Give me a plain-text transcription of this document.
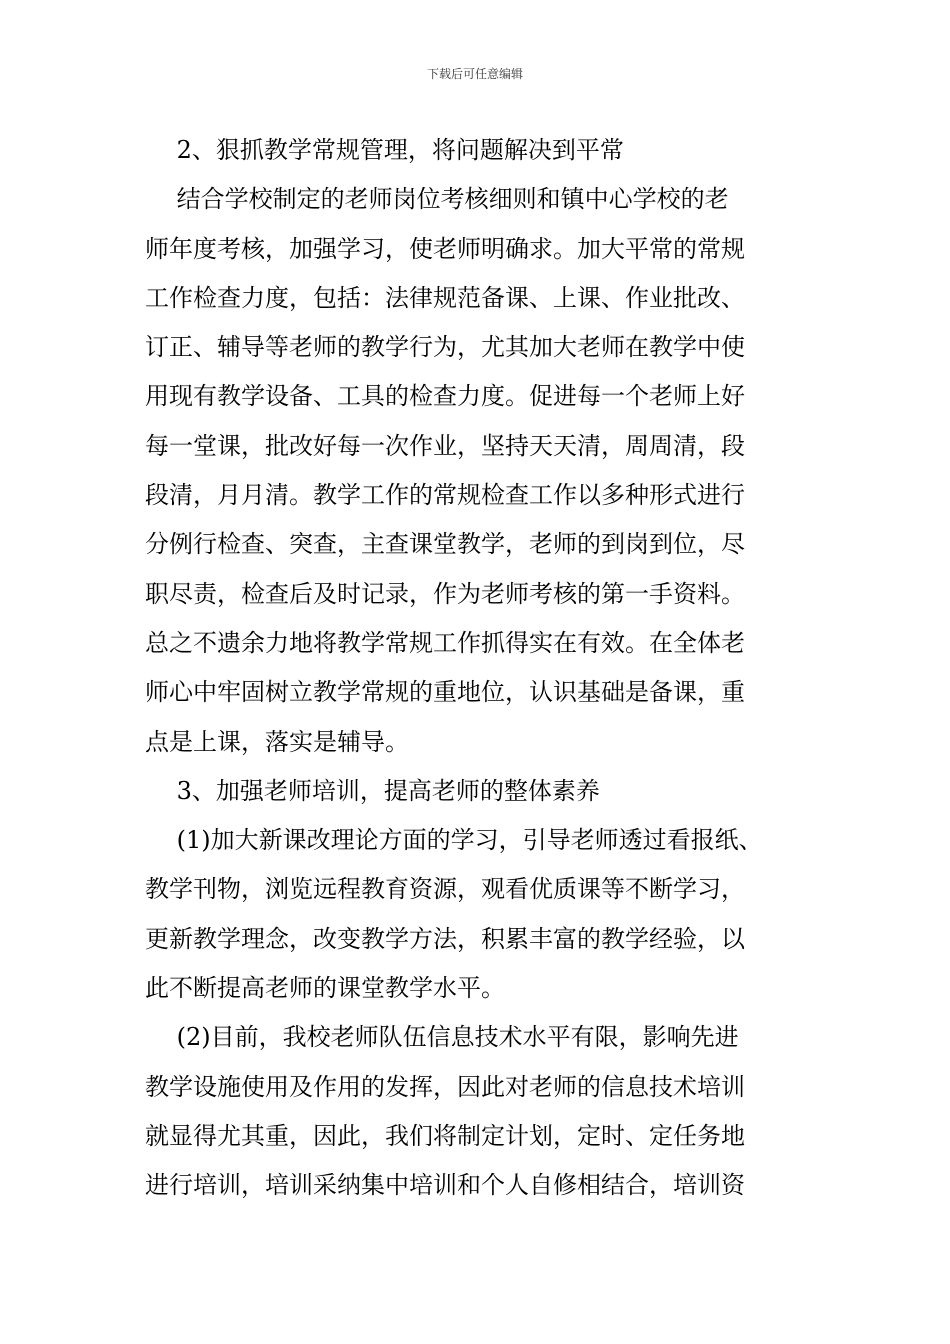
下载后可任意编辑
　 2、狠抓教学常规管理，将问题解决到平常
　 结合学校制定的老师岗位考核细则和镇中心学校的老
师年度考核，加强学习，使老师明确求。加大平常的常规
工作检查力度，包括：法律规范备课、上课、作业批改、
订正、辅导等老师的教学行为，尤其加大老师在教学中使
用现有教学设备、工具的检查力度。促进每一个老师上好
每一堂课，批改好每一次作业，坚持天天清，周周清，段
段清，月月清。教学工作的常规检查工作以多种形式进行
分例行检查、突查，主查课堂教学，老师的到岗到位，尽
职尽责，检查后及时记录，作为老师考核的第一手资料。
总之不遗余力地将教学常规工作抓得实在有效。在全体老
师心中牢固树立教学常规的重地位，认识基础是备课，重
点是上课，落实是辅导。
　 3、加强老师培训，提高老师的整体素养
　 (1)加大新课改理论方面的学习，引导老师透过看报纸、
教学刊物，浏览远程教育资源，观看优质课等不断学习，
更新教学理念，改变教学方法，积累丰富的教学经验，以
此不断提高老师的课堂教学水平。
　 (2)目前，我校老师队伍信息技术水平有限，影响先进
教学设施使用及作用的发挥，因此对老师的信息技术培训
就显得尤其重，因此，我们将制定计划，定时、定任务地
进行培训，培训采纳集中培训和个人自修相结合，培训资
